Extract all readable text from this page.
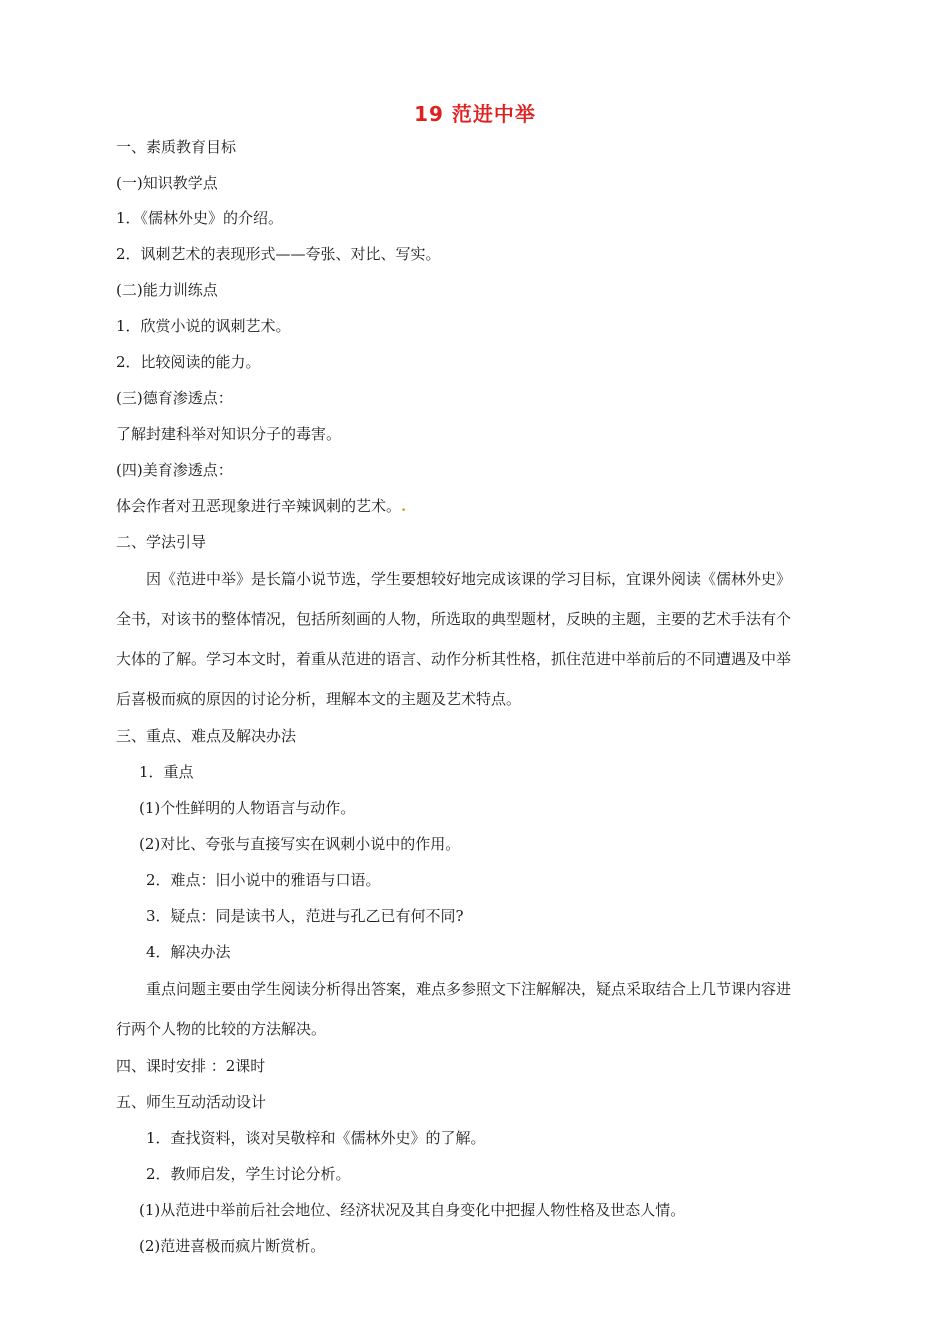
19 范进中举
一、素质教育目标
(一)知识教学点
1．《儒林外史》的介绍。
2．讽刺艺术的表现形式——夸张、对比、写实。
(二)能力训练点
1．欣赏小说的讽刺艺术。
2．比较阅读的能力。
(三)德育渗透点：
了解封建科举对知识分子的毒害。
(四)美育渗透点：
体会作者对丑恶现象进行辛辣讽刺的艺术。.
二、学法引导
因《范进中举》是长篇小说节选，学生要想较好地完成该课的学习目标，宜课外阅读《儒林外史》
全书，对该书的整体情况，包括所刻画的人物，所选取的典型题材，反映的主题，主要的艺术手法有个
大体的了解。学习本文时，着重从范进的语言、动作分析其性格，抓住范进中举前后的不同遭遇及中举
后喜极而疯的原因的讨论分析，理解本文的主题及艺术特点。
三、重点、难点及解决办法
1．重点
(1)个性鲜明的人物语言与动作。
(2)对比、夸张与直接写实在讽刺小说中的作用。
2．难点：旧小说中的雅语与口语。
3．疑点：同是读书人，范进与孔乙已有何不同?
4．解决办法
重点问题主要由学生阅读分析得出答案，难点多参照文下注解解决，疑点采取结合上几节课内容进
行两个人物的比较的方法解决。
四、课时安排 ：2课时
五、师生互动活动设计
1．查找资料，谈对吴敬梓和《儒林外史》的了解。
2．教师启发，学生讨论分析。
(1)从范进中举前后社会地位、经济状况及其自身变化中把握人物性格及世态人情。
(2)范进喜极而疯片断赏析。
